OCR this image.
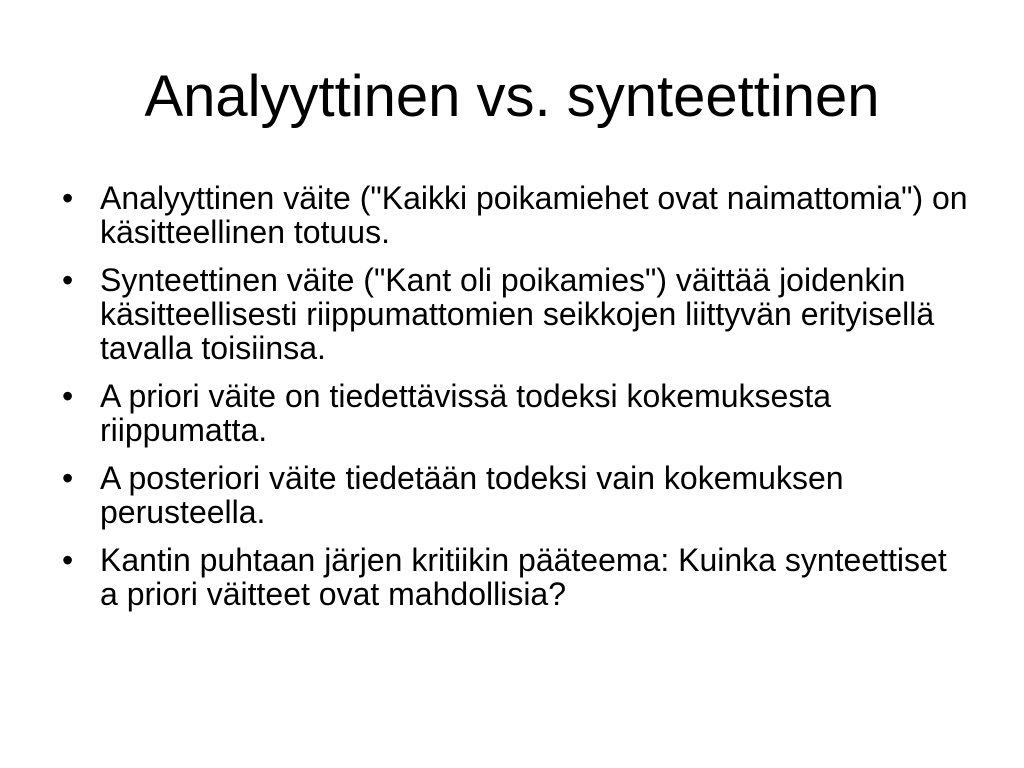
Analyyttinen vs. synteettinen
• Analyyttinen väite ("Kaikki poikamiehet ovat naimattomia") on käsitteellinen totuus.
• Synteettinen väite ("Kant oli poikamies") väittää joidenkin käsitteellisesti riippumattomien seikkojen liittyvän erityisellä tavalla toisiinsa.
• A priori väite on tiedettävissä todeksi kokemuksesta riippumatta.
• A posteriori väite tiedetään todeksi vain kokemuksen perusteella.
• Kantin puhtaan järjen kritiikin pääteema: Kuinka synteettiset a priori väitteet ovat mahdollisia?
